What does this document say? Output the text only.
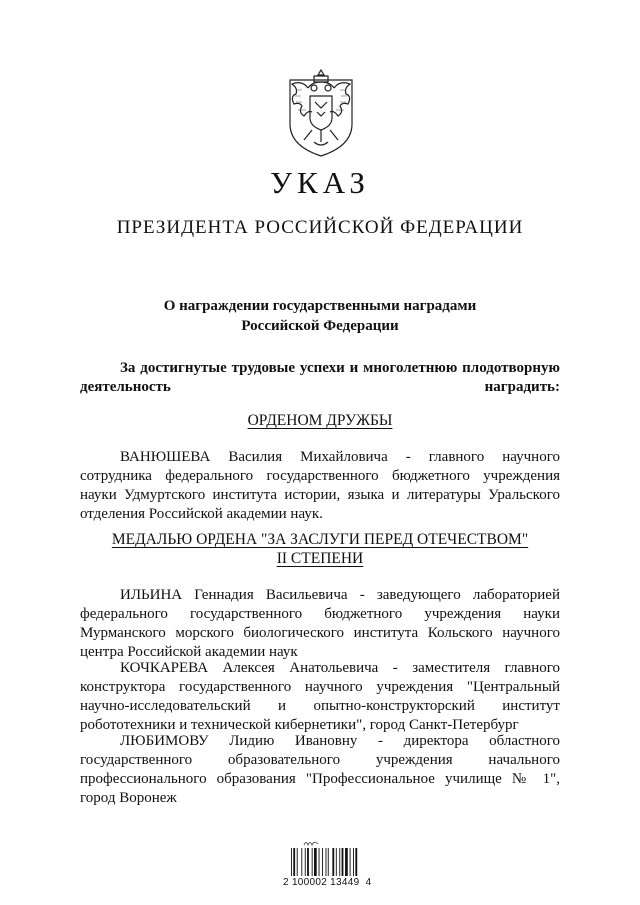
УКАЗ
ПРЕЗИДЕНТА РОССИЙСКОЙ ФЕДЕРАЦИИ
О награждении государственными наградами
Российской Федерации
За достигнутые трудовые успехи и многолетнюю плодотворную деятельность наградить:
ОРДЕНОМ ДРУЖБЫ
ВАНЮШЕВА Василия Михайловича - главного научного сотрудника федерального государственного бюджетного учреждения науки Удмуртского института истории, языка и литературы Уральского отделения Российской академии наук.
МЕДАЛЬЮ ОРДЕНА "ЗА ЗАСЛУГИ ПЕРЕД ОТЕЧЕСТВОМ"
II СТЕПЕНИ
ИЛЬИНА Геннадия Васильевича - заведующего лабораторией федерального государственного бюджетного учреждения науки Мурманского морского биологического института Кольского научного центра Российской академии наук
КОЧКАРЕВА Алексея Анатольевича - заместителя главного конструктора государственного научного учреждения "Центральный научно-исследовательский и опытно-конструкторский институт робототехники и технической кибернетики", город Санкт-Петербург
ЛЮБИМОВУ Лидию Ивановну - директора областного государственного образовательного учреждения начального профессионального образования "Профессиональное училище № 1", город Воронеж
2 100002 13449  4
